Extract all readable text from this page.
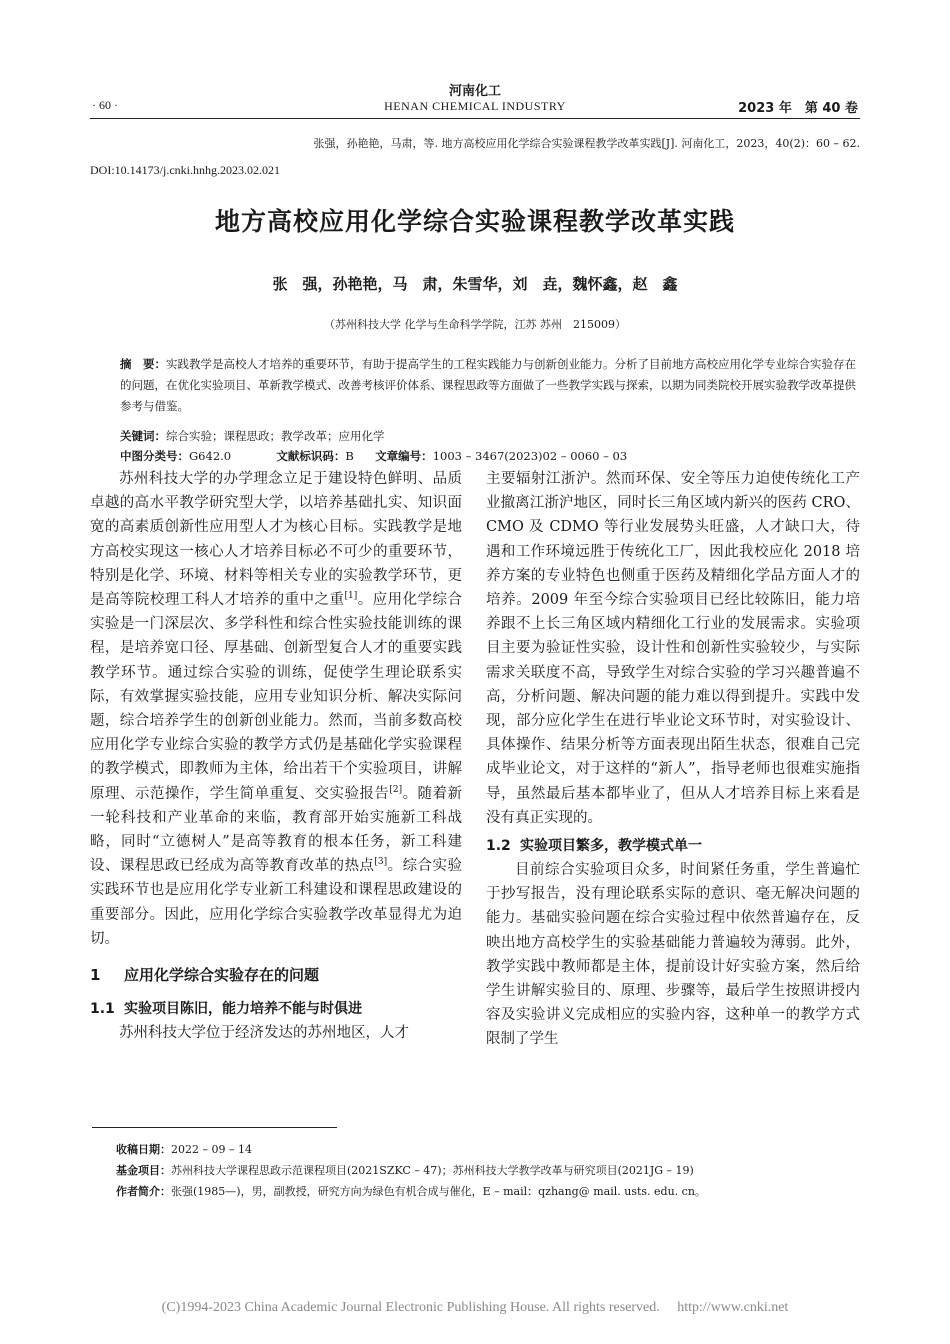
河南化工
HENAN CHEMICAL INDUSTRY
· 60 ·	2023 年　第 40 卷
张强，孙艳艳，马肃，等. 地方高校应用化学综合实验课程教学改革实践[J]. 河南化工，2023，40(2)：60 – 62.
DOI:10.14173/j.cnki.hnhg.2023.02.021
地方高校应用化学综合实验课程教学改革实践
张　强，孙艳艳，马　肃，朱雪华，刘　垚，魏怀鑫，赵　鑫
（苏州科技大学 化学与生命科学学院，江苏 苏州　215009）
摘　要：实践教学是高校人才培养的重要环节，有助于提高学生的工程实践能力与创新创业能力。分析了目前地方高校应用化学专业综合实验存在的问题，在优化实验项目、革新教学模式、改善考核评价体系、课程思政等方面做了一些教学实践与探索，以期为同类院校开展实验教学改革提供参考与借鉴。
关键词：综合实验；课程思政；教学改革；应用化学
中图分类号：G642.0	文献标识码：B 文章编号：1003 – 3467(2023)02 – 0060 – 03

苏州科技大学的办学理念立足于建设特色鲜明、品质卓越的高水平教学研究型大学，以培养基础扎实、知识面宽的高素质创新性应用型人才为核心目标。实践教学是地方高校实现这一核心人才培养目标必不可少的重要环节，特别是化学、环境、材料等相关专业的实验教学环节，更是高等院校理工科人才培养的重中之重[1]。应用化学综合实验是一门深层次、多学科性和综合性实验技能训练的课程，是培养宽口径、厚基础、创新型复合人才的重要实践教学环节。通过综合实验的训练，促使学生理论联系实际，有效掌握实验技能，应用专业知识分析、解决实际问题，综合培养学生的创新创业能力。然而，当前多数高校应用化学专业综合实验的教学方式仍是基础化学实验课程的教学模式，即教师为主体，给出若干个实验项目，讲解原理、示范操作，学生简单重复、交实验报告[2]。随着新一轮科技和产业革命的来临，教育部开始实施新工科战略，同时“立德树人”是高等教育的根本任务，新工科建设、课程思政已经成为高等教育改革的热点[3]。综合实验实践环节也是应用化学专业新工科建设和课程思政建设的重要部分。因此，应用化学综合实验教学改革显得尤为迫切。

1 应用化学综合实验存在的问题
1.1 实验项目陈旧，能力培养不能与时俱进

苏州科技大学位于经济发达的苏州地区，人才

主要辐射江浙沪。然而环保、安全等压力迫使传统化工产业撤离江浙沪地区，同时长三角区域内新兴的医药 CRO、CMO 及 CDMO 等行业发展势头旺盛，人才缺口大，待遇和工作环境远胜于传统化工厂，因此我校应化 2018 培养方案的专业特色也侧重于医药及精细化学品方面人才的培养。2009 年至今综合实验项目已经比较陈旧，能力培养跟不上长三角区域内精细化工行业的发展需求。实验项目主要为验证性实验，设计性和创新性实验较少，与实际需求关联度不高，导致学生对综合实验的学习兴趣普遍不高，分析问题、解决问题的能力难以得到提升。实践中发现，部分应化学生在进行毕业论文环节时，对实验设计、具体操作、结果分析等方面表现出陌生状态，很难自己完成毕业论文，对于这样的“新人”，指导老师也很难实施指导，虽然最后基本都毕业了，但从人才培养目标上来看是没有真正实现的。

1.2 实验项目繁多，教学模式单一

目前综合实验项目众多，时间紧任务重，学生普遍忙于抄写报告，没有理论联系实际的意识、毫无解决问题的能力。基础实验问题在综合实验过程中依然普遍存在，反映出地方高校学生的实验基础能力普遍较为薄弱。此外，教学实践中教师都是主体，提前设计好实验方案，然后给学生讲解实验目的、原理、步骤等，最后学生按照讲授内容及实验讲义完成相应的实验内容，这种单一的教学方式限制了学生

收稿日期：2022 – 09 – 14
基金项目：苏州科技大学课程思政示范课程项目(2021SZKC – 47)；苏州科技大学教学改革与研究项目(2021JG – 19)
作者简介：张强(1985—)，男，副教授，研究方向为绿色有机合成与催化，E – mail：qzhang@ mail. usts. edu. cn。
(C)1994-2023 China Academic Journal Electronic Publishing House. All rights reserved.　 http://www.cnki.net
